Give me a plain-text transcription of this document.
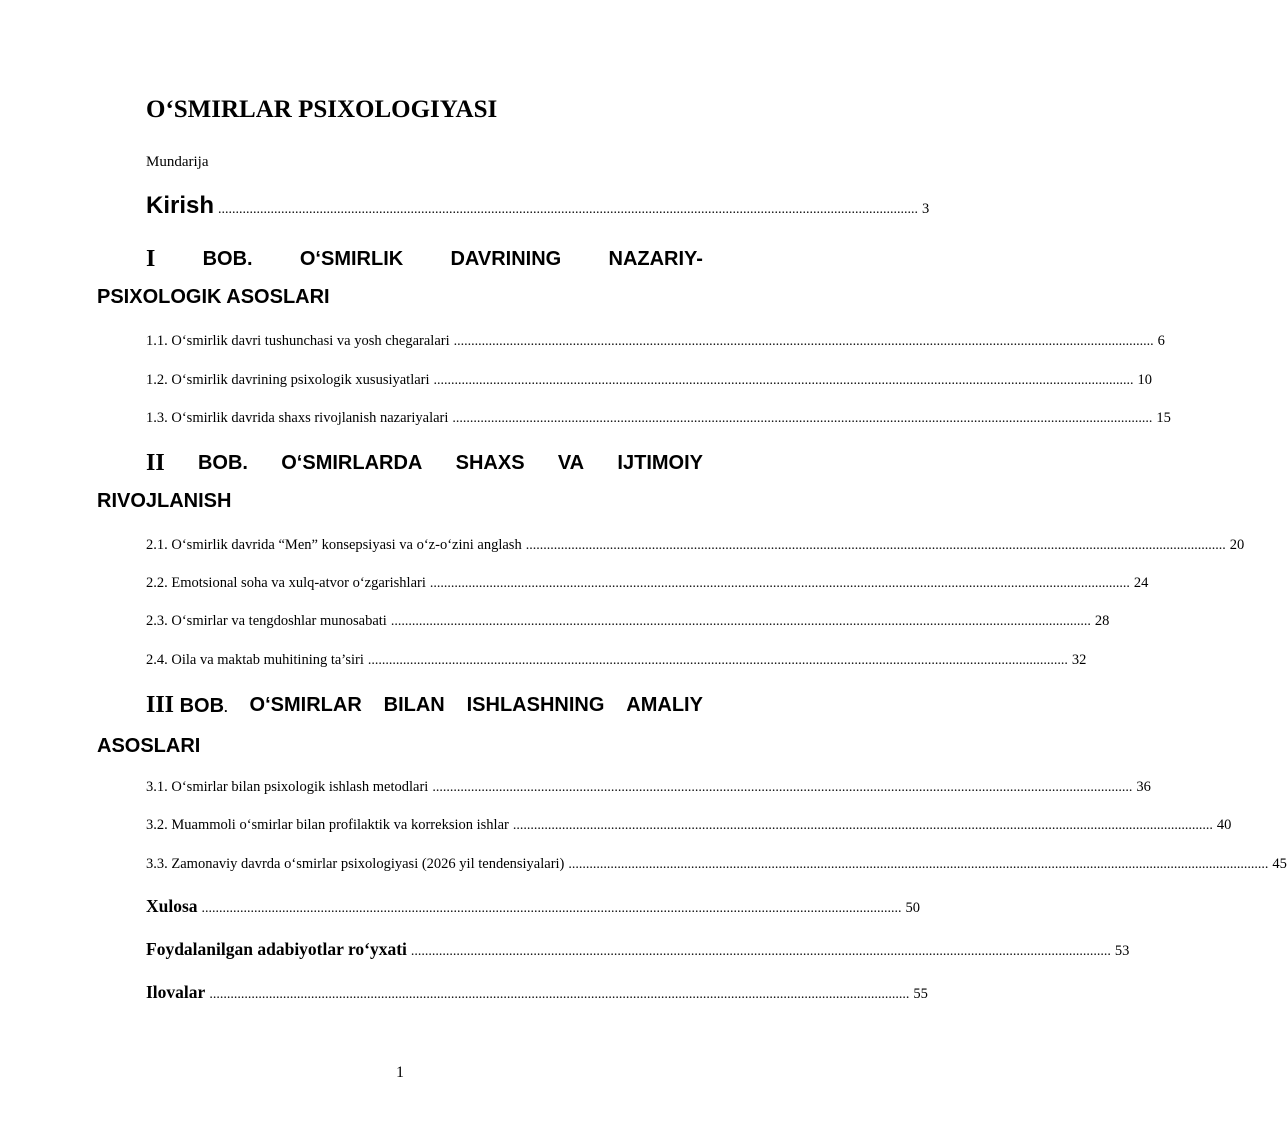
O‘SMIRLAR PSIXOLOGIYASI
Mundarija
Kirish ........................................................................................................................................................................................................ 3
I BOB. O‘SMIRLIK DAVRINING NAZARIY-
PSIXOLOGIK ASOSLARI
1.1. O‘smirlik davri tushunchasi va yosh chegaralari ........................................................................................................................................................................................................ 6
1.2. O‘smirlik davrining psixologik xususiyatlari ........................................................................................................................................................................................................ 10
1.3. O‘smirlik davrida shaxs rivojlanish nazariyalari ........................................................................................................................................................................................................ 15
II BOB. O‘SMIRLARDA SHAXS VA IJTIMOIY
RIVOJLANISH
2.1. O‘smirlik davrida “Men” konsepsiyasi va o‘z-o‘zini anglash ........................................................................................................................................................................................................ 20
2.2. Emotsional soha va xulq-atvor o‘zgarishlari ........................................................................................................................................................................................................ 24
2.3. O‘smirlar va tengdoshlar munosabati ........................................................................................................................................................................................................ 28
2.4. Oila va maktab muhitining ta’siri ........................................................................................................................................................................................................ 32
III BOB. O‘SMIRLAR BILAN ISHLASHNING AMALIY
ASOSLARI
3.1. O‘smirlar bilan psixologik ishlash metodlari ........................................................................................................................................................................................................ 36
3.2. Muammoli o‘smirlar bilan profilaktik va korreksion ishlar ........................................................................................................................................................................................................ 40
3.3. Zamonaviy davrda o‘smirlar psixologiyasi (2026 yil tendensiyalari) ........................................................................................................................................................................................................ 45
Xulosa ........................................................................................................................................................................................................ 50
Foydalanilgan adabiyotlar ro‘yxati ........................................................................................................................................................................................................ 53
Ilovalar ........................................................................................................................................................................................................ 55
1
